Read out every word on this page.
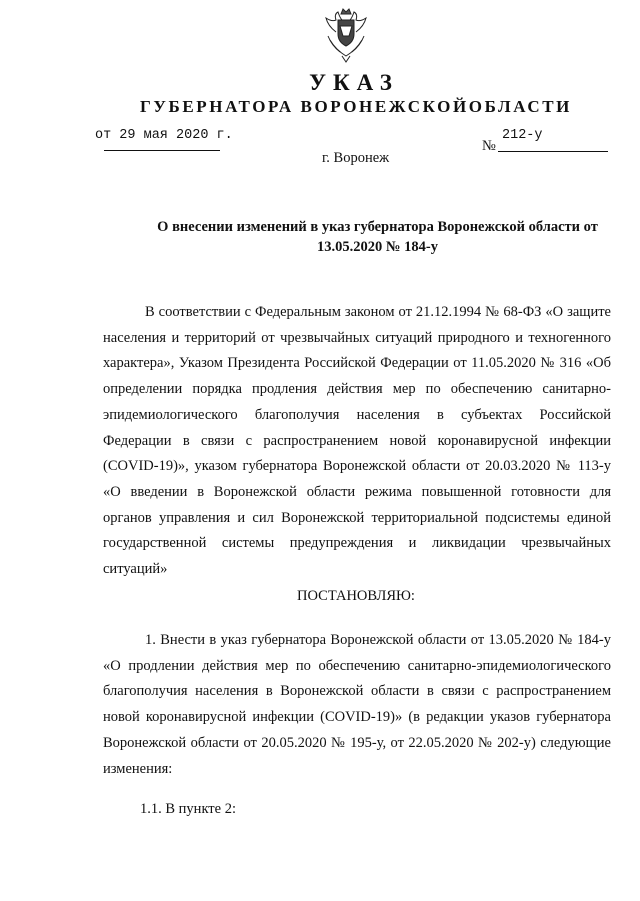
УКАЗ
ГУБЕРНАТОРА ВОРОНЕЖСКОЙОБЛАСТИ
от 29 мая 2020 г.
№
212-у
г. Воронеж
О внесении изменений в указ губернатора Воронежской области от 13.05.2020 № 184-у
В соответствии с Федеральным законом от 21.12.1994 № 68-ФЗ «О защите населения и территорий от чрезвычайных ситуаций природного и техногенного характера», Указом Президента Российской Федерации от 11.05.2020 № 316 «Об определении порядка продления действия мер по обеспечению санитарно-эпидемиологического благополучия населения в субъектах Российской Федерации в связи с распространением новой коронавирусной инфекции (COVID-19)», указом губернатора Воронежской области от 20.03.2020 № 113-у «О введении в Воронежской области режима повышенной готовности для органов управления и сил Воронежской территориальной подсистемы единой государственной системы предупреждения и ликвидации чрезвычайных ситуаций»
ПОСТАНОВЛЯЮ:
1. Внести в указ губернатора Воронежской области от 13.05.2020 № 184-у «О продлении действия мер по обеспечению санитарно-эпидемиологического благополучия населения в Воронежской области в связи с распространением новой коронавирусной инфекции (COVID-19)» (в редакции указов губернатора Воронежской области от 20.05.2020 № 195-у, от 22.05.2020 № 202-у) следующие изменения:
1.1. В пункте 2:
